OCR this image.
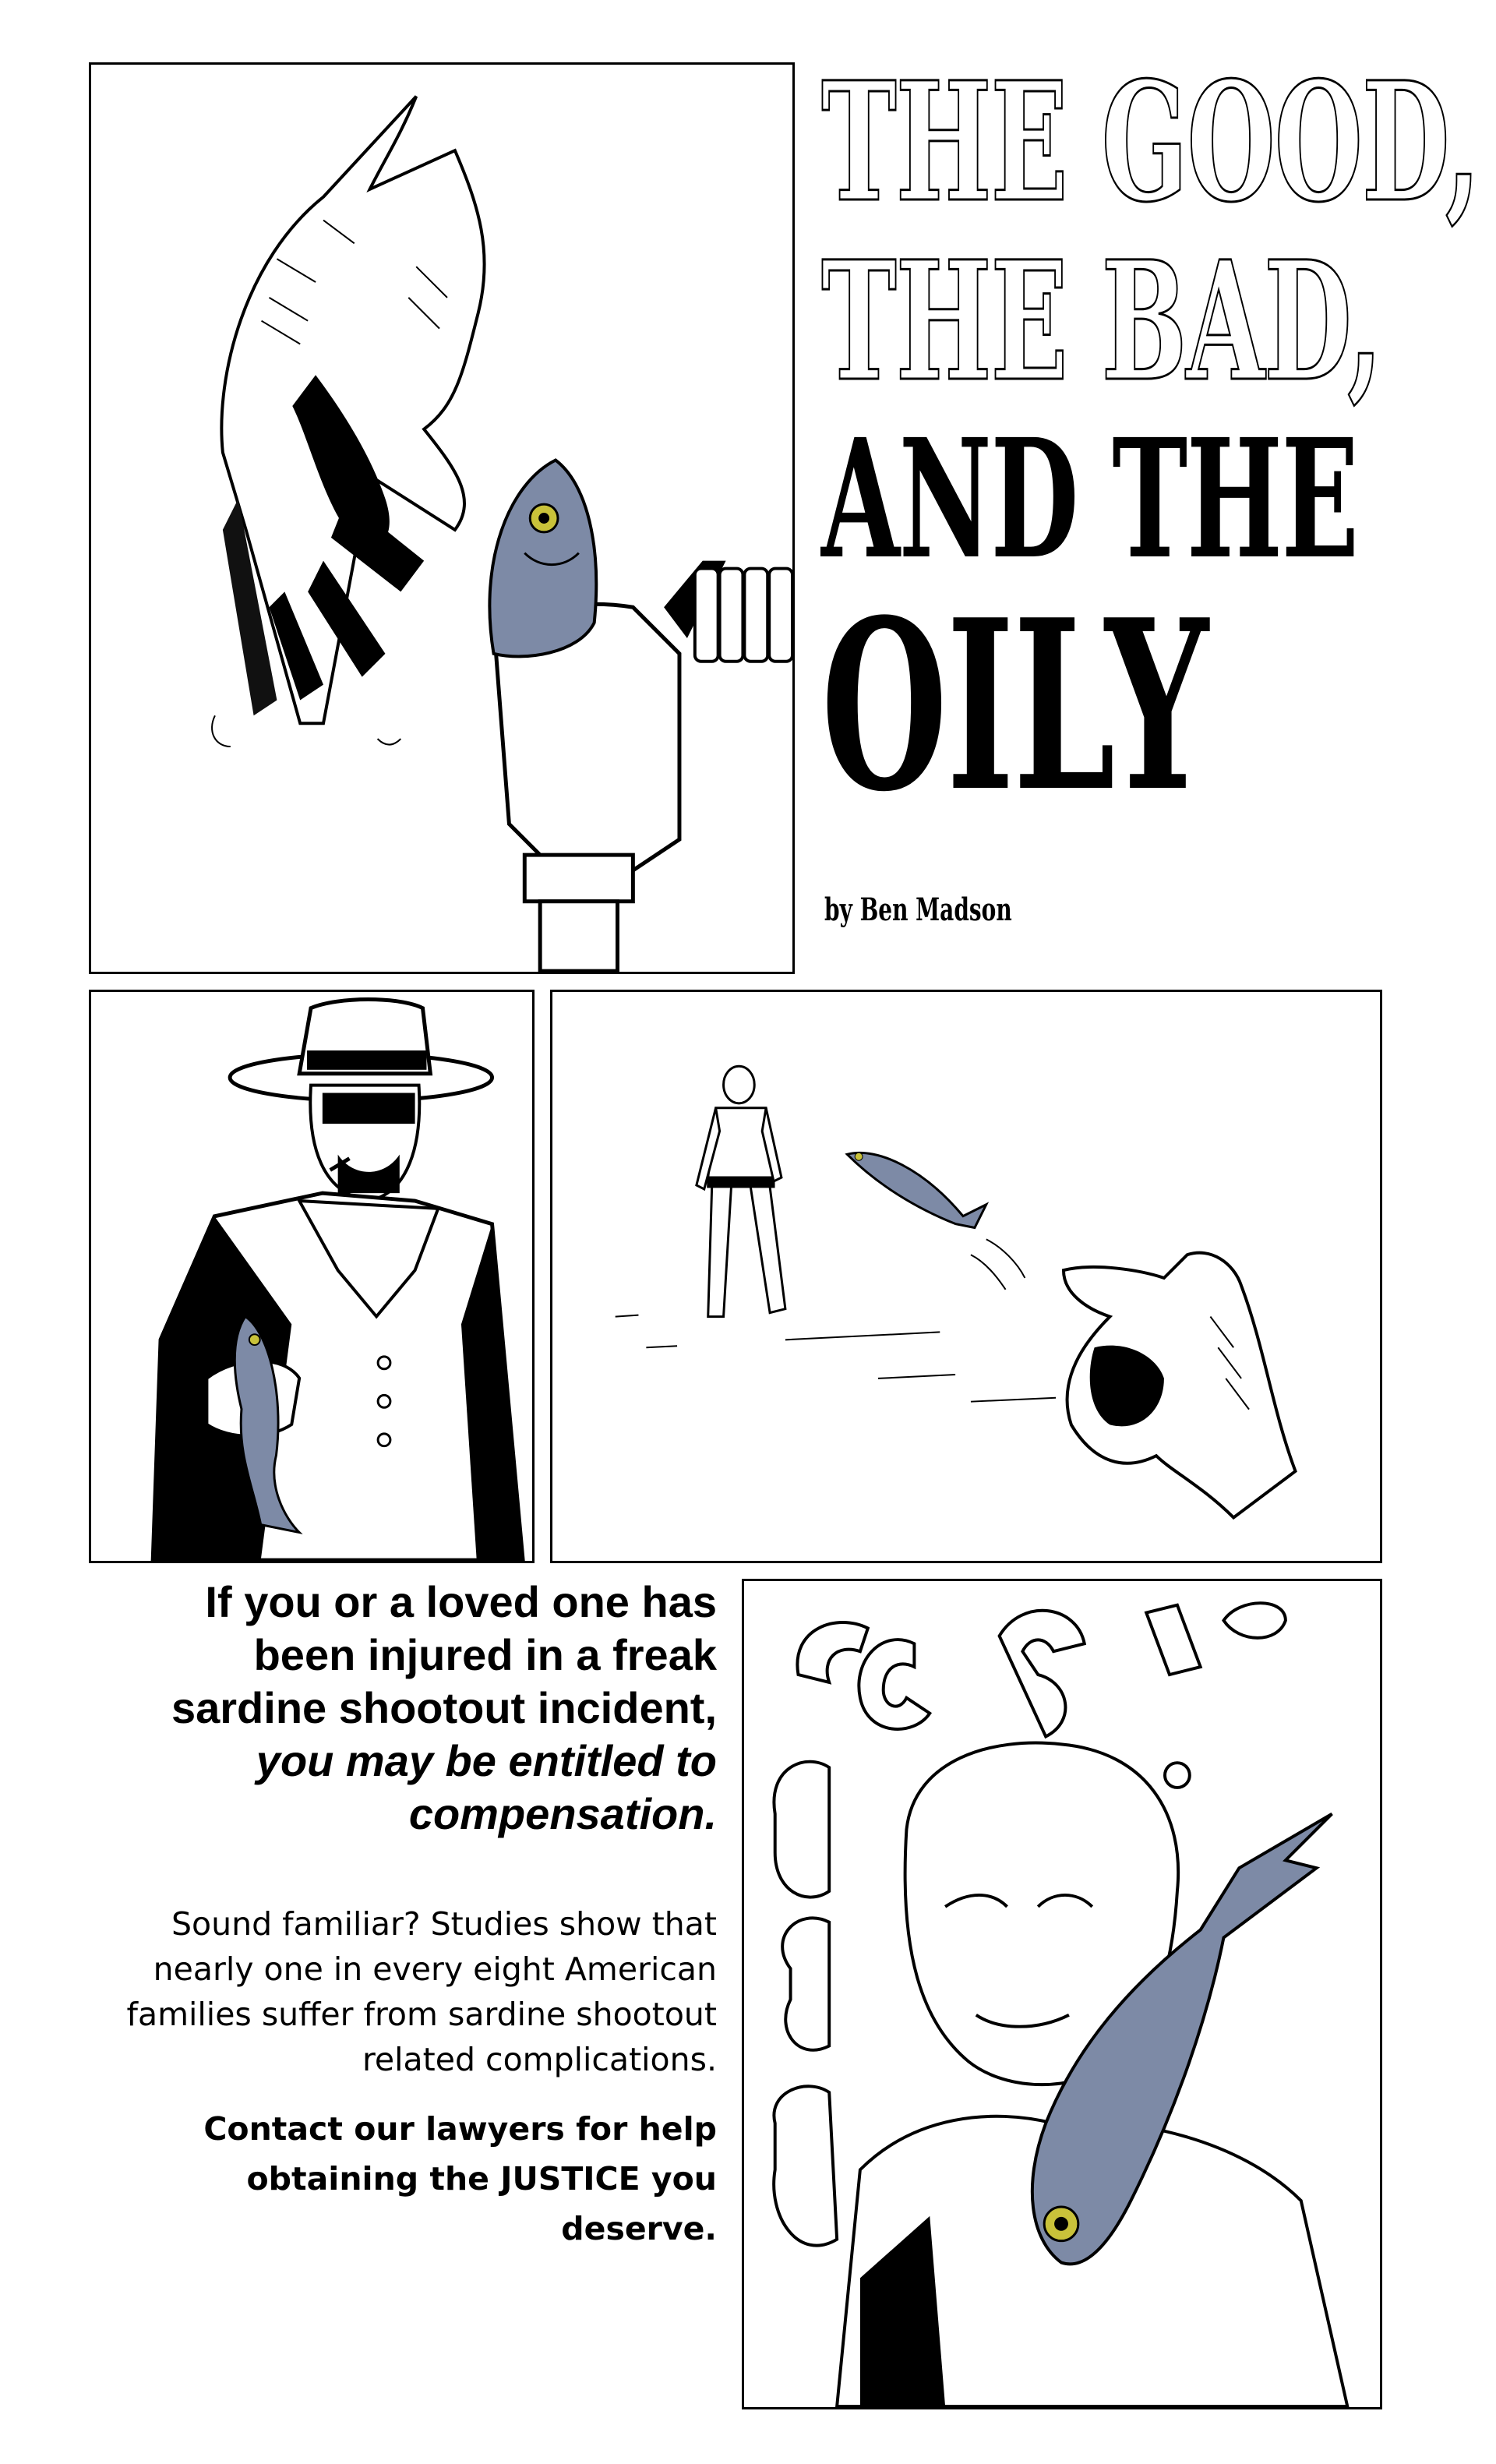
THE GOOD,
THE BAD,
AND THE
OILY
by Ben Madson
If you or a loved one has been injured in a freak sardine shootout incident,
you may be entitled to compensation.
Sound familiar? Studies show that nearly one in every eight American families suffer from sardine shootout related complications.
Contact our lawyers for help obtaining the JUSTICE you deserve.
